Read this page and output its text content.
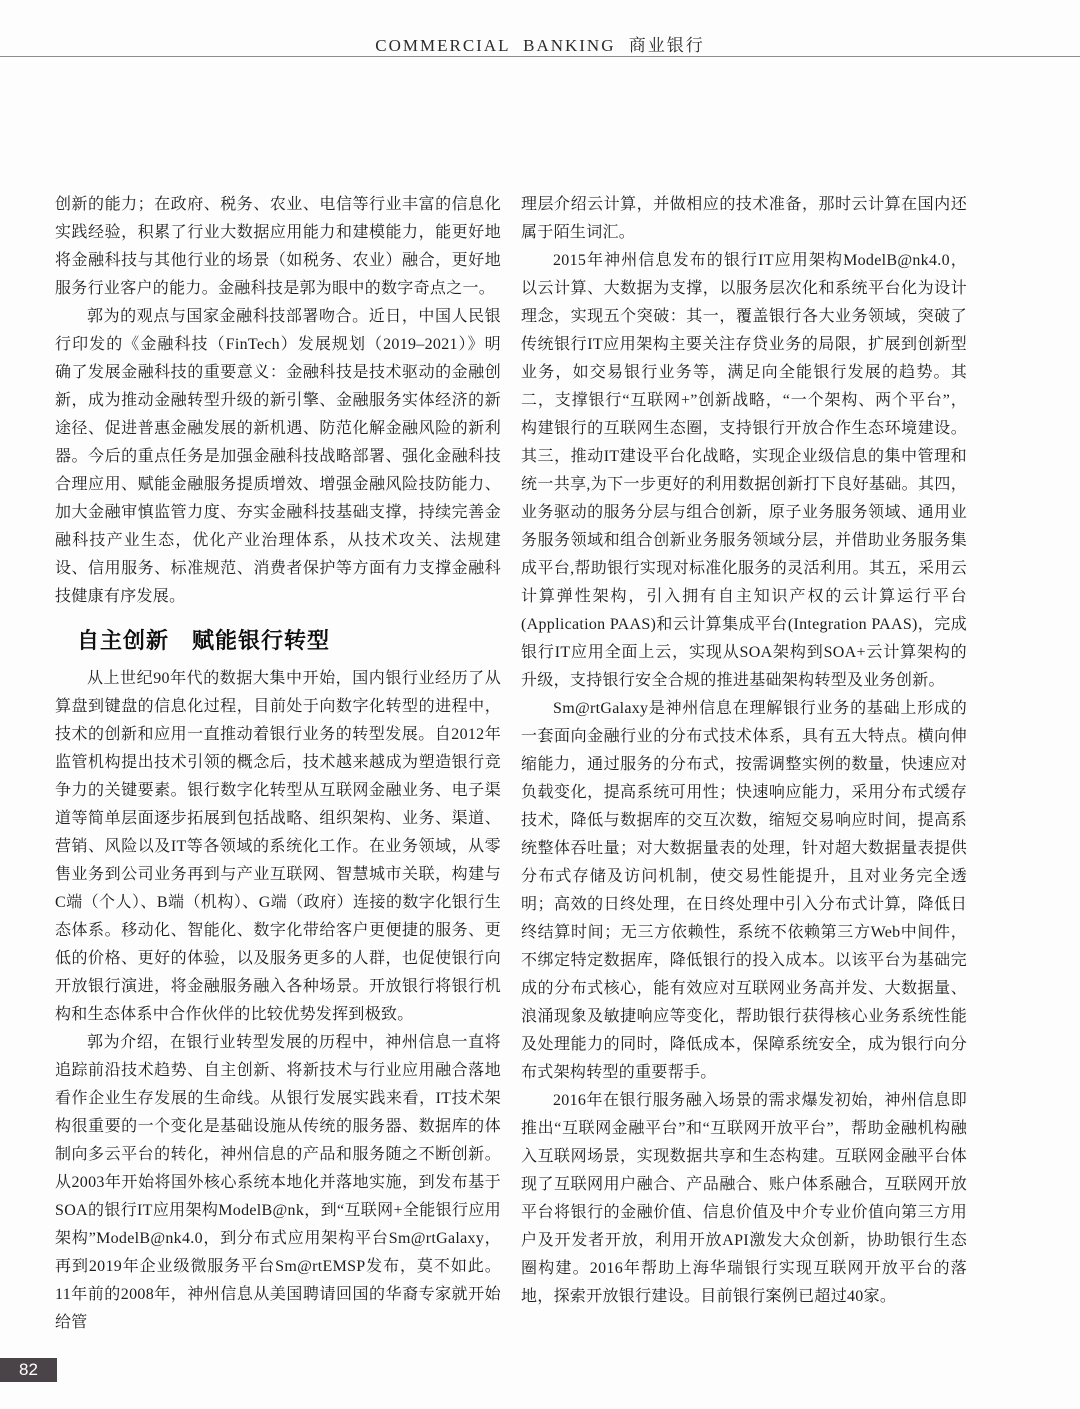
COMMERCIAL BANKING 商业银行

创新的能力；在政府、税务、农业、电信等行业丰富的信息化实践经验，积累了行业大数据应用能力和建模能力，能更好地将金融科技与其他行业的场景（如税务、农业）融合，更好地服务行业客户的能力。金融科技是郭为眼中的数字奇点之一。

郭为的观点与国家金融科技部署吻合。近日，中国人民银行印发的《金融科技（FinTech）发展规划（2019–2021）》明确了发展金融科技的重要意义：金融科技是技术驱动的金融创新，成为推动金融转型升级的新引擎、金融服务实体经济的新途径、促进普惠金融发展的新机遇、防范化解金融风险的新利器。今后的重点任务是加强金融科技战略部署、强化金融科技合理应用、赋能金融服务提质增效、增强金融风险技防能力、加大金融审慎监管力度、夯实金融科技基础支撑，持续完善金融科技产业生态，优化产业治理体系，从技术攻关、法规建设、信用服务、标准规范、消费者保护等方面有力支撑金融科技健康有序发展。

自主创新　赋能银行转型

从上世纪90年代的数据大集中开始，国内银行业经历了从算盘到键盘的信息化过程，目前处于向数字化转型的进程中，技术的创新和应用一直推动着银行业务的转型发展。自2012年监管机构提出技术引领的概念后，技术越来越成为塑造银行竞争力的关键要素。银行数字化转型从互联网金融业务、电子渠道等简单层面逐步拓展到包括战略、组织架构、业务、渠道、营销、风险以及IT等各领域的系统化工作。在业务领域，从零售业务到公司业务再到与产业互联网、智慧城市关联，构建与C端（个人）、B端（机构）、G端（政府）连接的数字化银行生态体系。移动化、智能化、数字化带给客户更便捷的服务、更低的价格、更好的体验，以及服务更多的人群，也促使银行向开放银行演进，将金融服务融入各种场景。开放银行将银行机构和生态体系中合作伙伴的比较优势发挥到极致。

郭为介绍，在银行业转型发展的历程中，神州信息一直将追踪前沿技术趋势、自主创新、将新技术与行业应用融合落地看作企业生存发展的生命线。从银行发展实践来看，IT技术架构很重要的一个变化是基础设施从传统的服务器、数据库的体制向多云平台的转化，神州信息的产品和服务随之不断创新。从2003年开始将国外核心系统本地化并落地实施，到发布基于SOA的银行IT应用架构ModelB@nk，到“互联网+全能银行应用架构”ModelB@nk4.0，到分布式应用架构平台Sm@rtGalaxy，再到2019年企业级微服务平台Sm@rtEMSP发布，莫不如此。11年前的2008年，神州信息从美国聘请回国的华裔专家就开始给管

理层介绍云计算，并做相应的技术准备，那时云计算在国内还属于陌生词汇。

2015年神州信息发布的银行IT应用架构ModelB@nk4.0，以云计算、大数据为支撑，以服务层次化和系统平台化为设计理念，实现五个突破：其一，覆盖银行各大业务领域，突破了传统银行IT应用架构主要关注存贷业务的局限，扩展到创新型业务，如交易银行业务等，满足向全能银行发展的趋势。其二，支撑银行“互联网+”创新战略，“一个架构、两个平台”，构建银行的互联网生态圈，支持银行开放合作生态环境建设。其三，推动IT建设平台化战略，实现企业级信息的集中管理和统一共享,为下一步更好的利用数据创新打下良好基础。其四，业务驱动的服务分层与组合创新，原子业务服务领域、通用业务服务领域和组合创新业务服务领域分层，并借助业务服务集成平台,帮助银行实现对标准化服务的灵活利用。其五，采用云计算弹性架构，引入拥有自主知识产权的云计算运行平台(Application PAAS)和云计算集成平台(Integration PAAS)，完成银行IT应用全面上云，实现从SOA架构到SOA+云计算架构的升级，支持银行安全合规的推进基础架构转型及业务创新。

Sm@rtGalaxy是神州信息在理解银行业务的基础上形成的一套面向金融行业的分布式技术体系，具有五大特点。横向伸缩能力，通过服务的分布式，按需调整实例的数量，快速应对负载变化，提高系统可用性；快速响应能力，采用分布式缓存技术，降低与数据库的交互次数，缩短交易响应时间，提高系统整体吞吐量；对大数据量表的处理，针对超大数据量表提供分布式存储及访问机制，使交易性能提升，且对业务完全透明；高效的日终处理，在日终处理中引入分布式计算，降低日终结算时间；无三方依赖性，系统不依赖第三方Web中间件，不绑定特定数据库，降低银行的投入成本。以该平台为基础完成的分布式核心，能有效应对互联网业务高并发、大数据量、浪涌现象及敏捷响应等变化，帮助银行获得核心业务系统性能及处理能力的同时，降低成本，保障系统安全，成为银行向分布式架构转型的重要帮手。

2016年在银行服务融入场景的需求爆发初始，神州信息即推出“互联网金融平台”和“互联网开放平台”，帮助金融机构融入互联网场景，实现数据共享和生态构建。互联网金融平台体现了互联网用户融合、产品融合、账户体系融合，互联网开放平台将银行的金融价值、信息价值及中介专业价值向第三方用户及开发者开放，利用开放API激发大众创新，协助银行生态圈构建。2016年帮助上海华瑞银行实现互联网开放平台的落地，探索开放银行建设。目前银行案例已超过40家。

82
